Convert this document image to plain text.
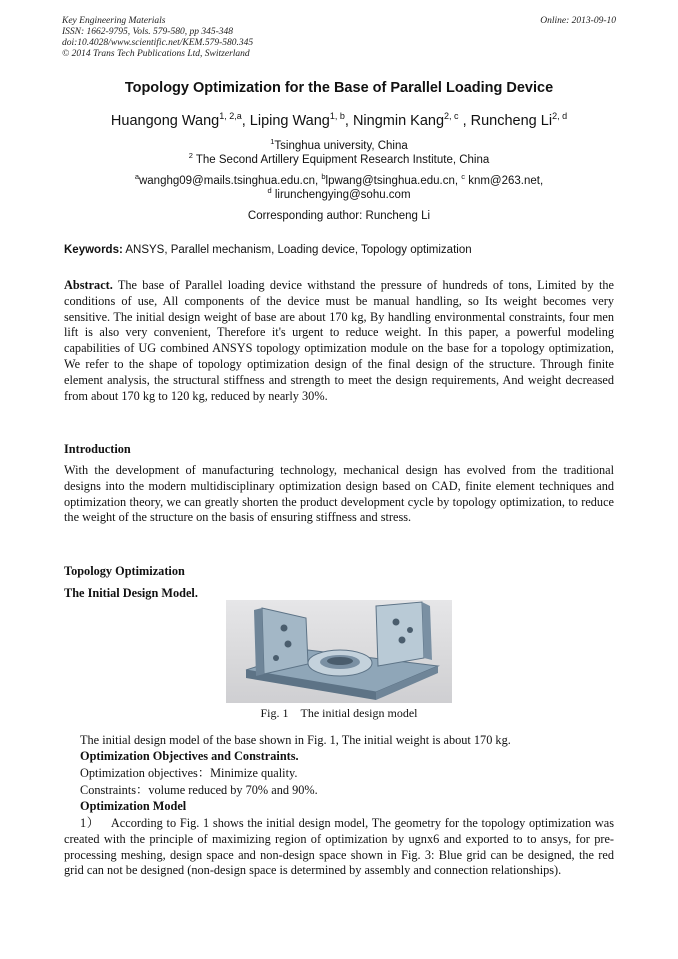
Key Engineering Materials
ISSN: 1662-9795, Vols. 579-580, pp 345-348
doi:10.4028/www.scientific.net/KEM.579-580.345
© 2014 Trans Tech Publications Ltd, Switzerland
Online: 2013-09-10
Topology Optimization for the Base of Parallel Loading Device
Huangong Wang$^{1, 2,a}$, Liping Wang$^{1, b}$, Ningmin Kang$^{2, c}$ , Runcheng Li$^{2, d}$
$^1$Tsinghua university, China
$^2$ The Second Artillery Equipment Research Institute, China
$^a$wanghg09@mails.tsinghua.edu.cn, $^b$lpwang@tsinghua.edu.cn, $^c$ knm@263.net,
$^d$ lirunchengying@sohu.com
Corresponding author: Runcheng Li
Keywords: ANSYS, Parallel mechanism, Loading device, Topology optimization
Abstract. The base of Parallel loading device withstand the pressure of hundreds of tons, Limited by the conditions of use, All components of the device must be manual handling, so Its weight becomes very sensitive. The initial design weight of base are about 170 kg, By handling environmental constraints, four men lift is also very convenient, Therefore it's urgent to reduce weight. In this paper, a powerful modeling capabilities of UG combined ANSYS topology optimization module on the base for a topology optimization, We refer to the shape of topology optimization design of the final design of the structure. Through finite element analysis, the structural stiffness and strength to meet the design requirements, And weight decreased from about 170 kg to 120 kg, reduced by nearly 30%.
Introduction
With the development of manufacturing technology, mechanical design has evolved from the traditional designs into the modern multidisciplinary optimization design based on CAD, finite element techniques and optimization theory, we can greatly shorten the product development cycle by topology optimization, to reduce the weight of the structure on the basis of ensuring stiffness and stress.
Topology Optimization
The Initial Design Model.
Fig. 1    The initial design model
The initial design model of the base shown in Fig. 1, The initial weight is about 170 kg.
Optimization Objectives and Constraints.
Optimization objectives：Minimize quality.
Constraints：volume reduced by 70% and 90%.
Optimization Model
1）   According to Fig. 1 shows the initial design model, The geometry for the topology optimization was created with the principle of maximizing region of optimization by ugnx6 and exported to to ansys, for pre-processing meshing, design space and non-design space shown in Fig. 3: Blue grid can be designed, the red grid can not be designed (non-design space is determined by assembly and connection relationships).
